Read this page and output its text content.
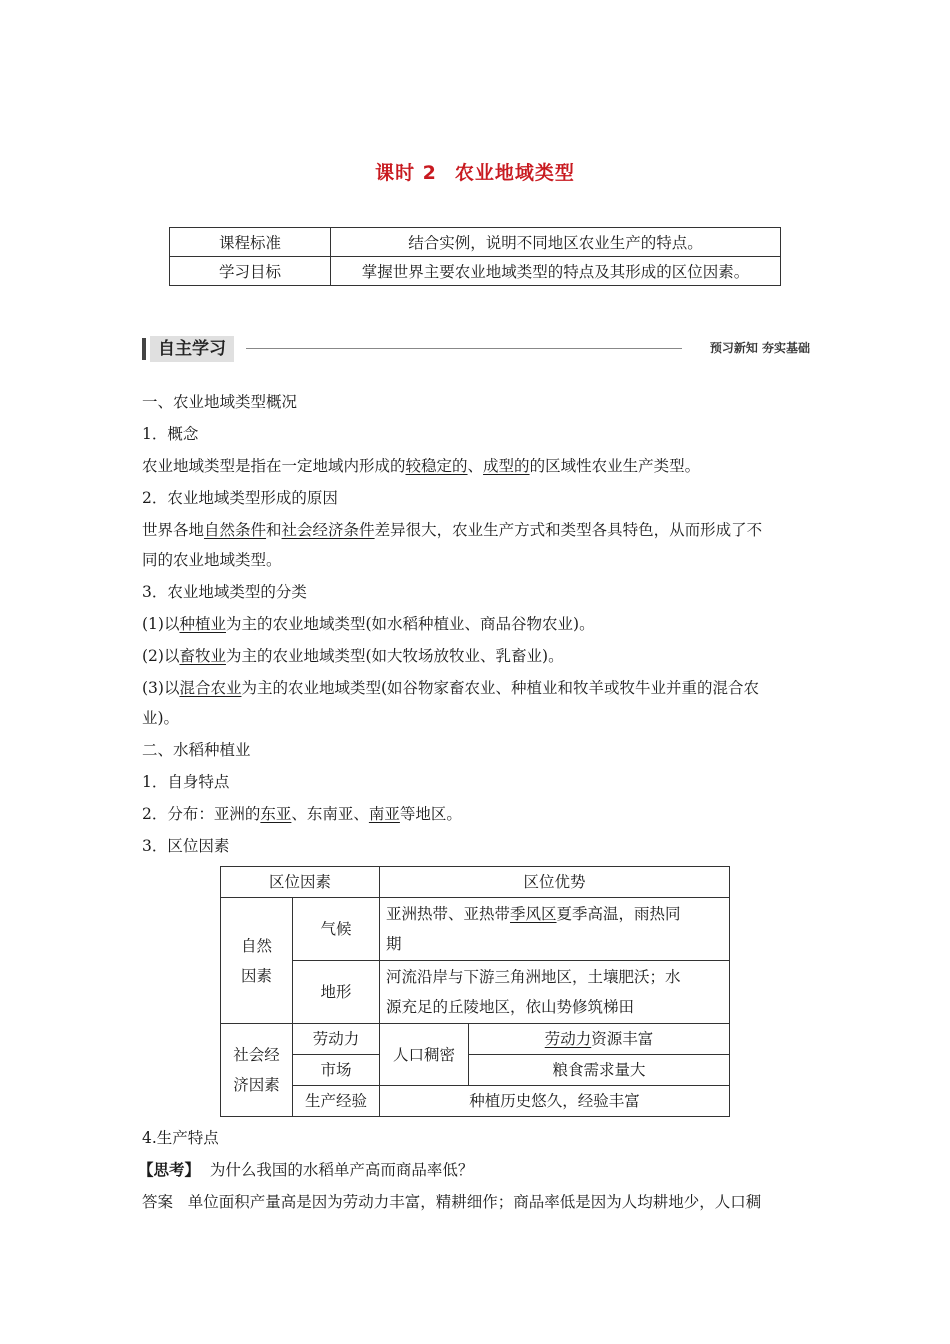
课时 2 农业地域类型
课程标准	结合实例，说明不同地区农业生产的特点。
学习目标	掌握世界主要农业地域类型的特点及其形成的区位因素。
自主学习	预习新知 夯实基础
一、农业地域类型概况
1．概念
农业地域类型是指在一定地域内形成的较稳定的、成型的的区域性农业生产类型。
2．农业地域类型形成的原因
世界各地自然条件和社会经济条件差异很大，农业生产方式和类型各具特色，从而形成了不
同的农业地域类型。
3．农业地域类型的分类
(1)以种植业为主的农业地域类型(如水稻种植业、商品谷物农业)。
(2)以畜牧业为主的农业地域类型(如大牧场放牧业、乳畜业)。
(3)以混合农业为主的农业地域类型(如谷物家畜农业、种植业和牧羊或牧牛业并重的混合农
业)。
二、水稻种植业
1．自身特点
2．分布：亚洲的东亚、东南亚、南亚等地区。
3．区位因素
区位因素		区位优势	
自然
因素	气候	亚洲热带、亚热带季风区夏季高温，雨热同
期	
	地形	河流沿岸与下游三角洲地区，土壤肥沃；水
源充足的丘陵地区，依山势修筑梯田	
社会经
济因素	劳动力	人口稠密	劳动力资源丰富
	市场		粮食需求量大
	生产经验	种植历史悠久，经验丰富	
4.生产特点
【思考】 为什么我国的水稻单产高而商品率低？
答案 单位面积产量高是因为劳动力丰富，精耕细作；商品率低是因为人均耕地少，人口稠
